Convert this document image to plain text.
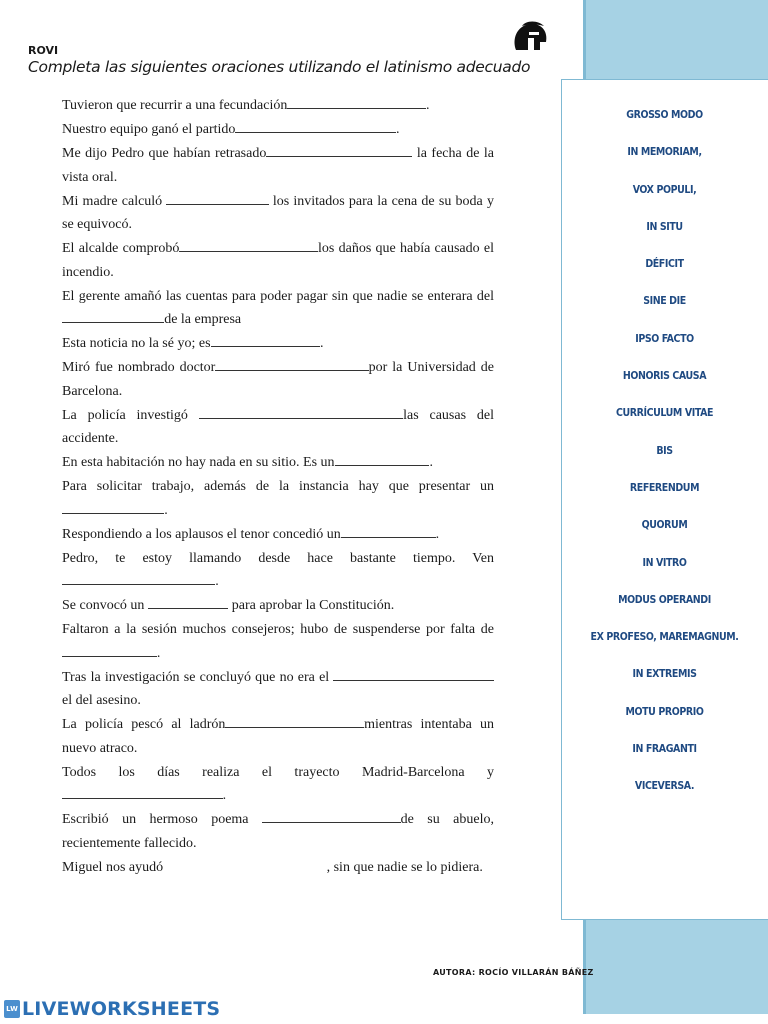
ROVI
Completa las siguientes oraciones utilizando el latinismo adecuado
Tuvieron que recurrir a una fecundación	.
Nuestro equipo ganó el partido	.
Me dijo Pedro que habían retrasado	la fecha de la vista oral.
Mi madre calculó	los invitados para la cena de su boda y se equivocó.
El alcalde comprobó	los daños que había causado el incendio.
El gerente amañó las cuentas para poder pagar sin que nadie se enterara delde la empresa
Esta noticia no la sé yo; es	.
Miró fue nombrado doctor	por la Universidad de Barcelona.
La policía investigó	las causas del accidente.
En esta habitación no hay nada en su sitio. Es un	.
Para solicitar trabajo, además de la instancia hay que presentar un.
Respondiendo a los aplausos el tenor concedió un	.
Pedro, te estoy llamando desde hace bastante tiempo. Ven.
Se convocó un	para aprobar la Constitución.
Faltaron a la sesión muchos consejeros; hubo de suspenderse por falta de .
Tras la investigación se concluyó que no era el  el del asesino.
La policía pescó al ladrón	mientras intentaba un nuevo atraco.
Todos los días realiza el trayecto Madrid-Barcelona y .
Escribió un hermoso poema	de su abuelo, recientemente fallecido.
Miguel nos ayudó	, sin que nadie se lo pidiera.
GROSSO MODO
IN MEMORIAM,
VOX POPULI,
IN SITU
DÉFICIT
SINE DIE
IPSO FACTO
HONORIS CAUSA
CURRÍCULUM VITAE
BIS
REFERENDUM
QUORUM
IN VITRO
MODUS OPERANDI
EX PROFESO, MAREMAGNUM.
IN EXTREMIS
MOTU PROPRIO
IN FRAGANTI
VICEVERSA.
AUTORA: ROCÍO VILLARÁN BÁÑEZ
LW LIVEWORKSHEETS
